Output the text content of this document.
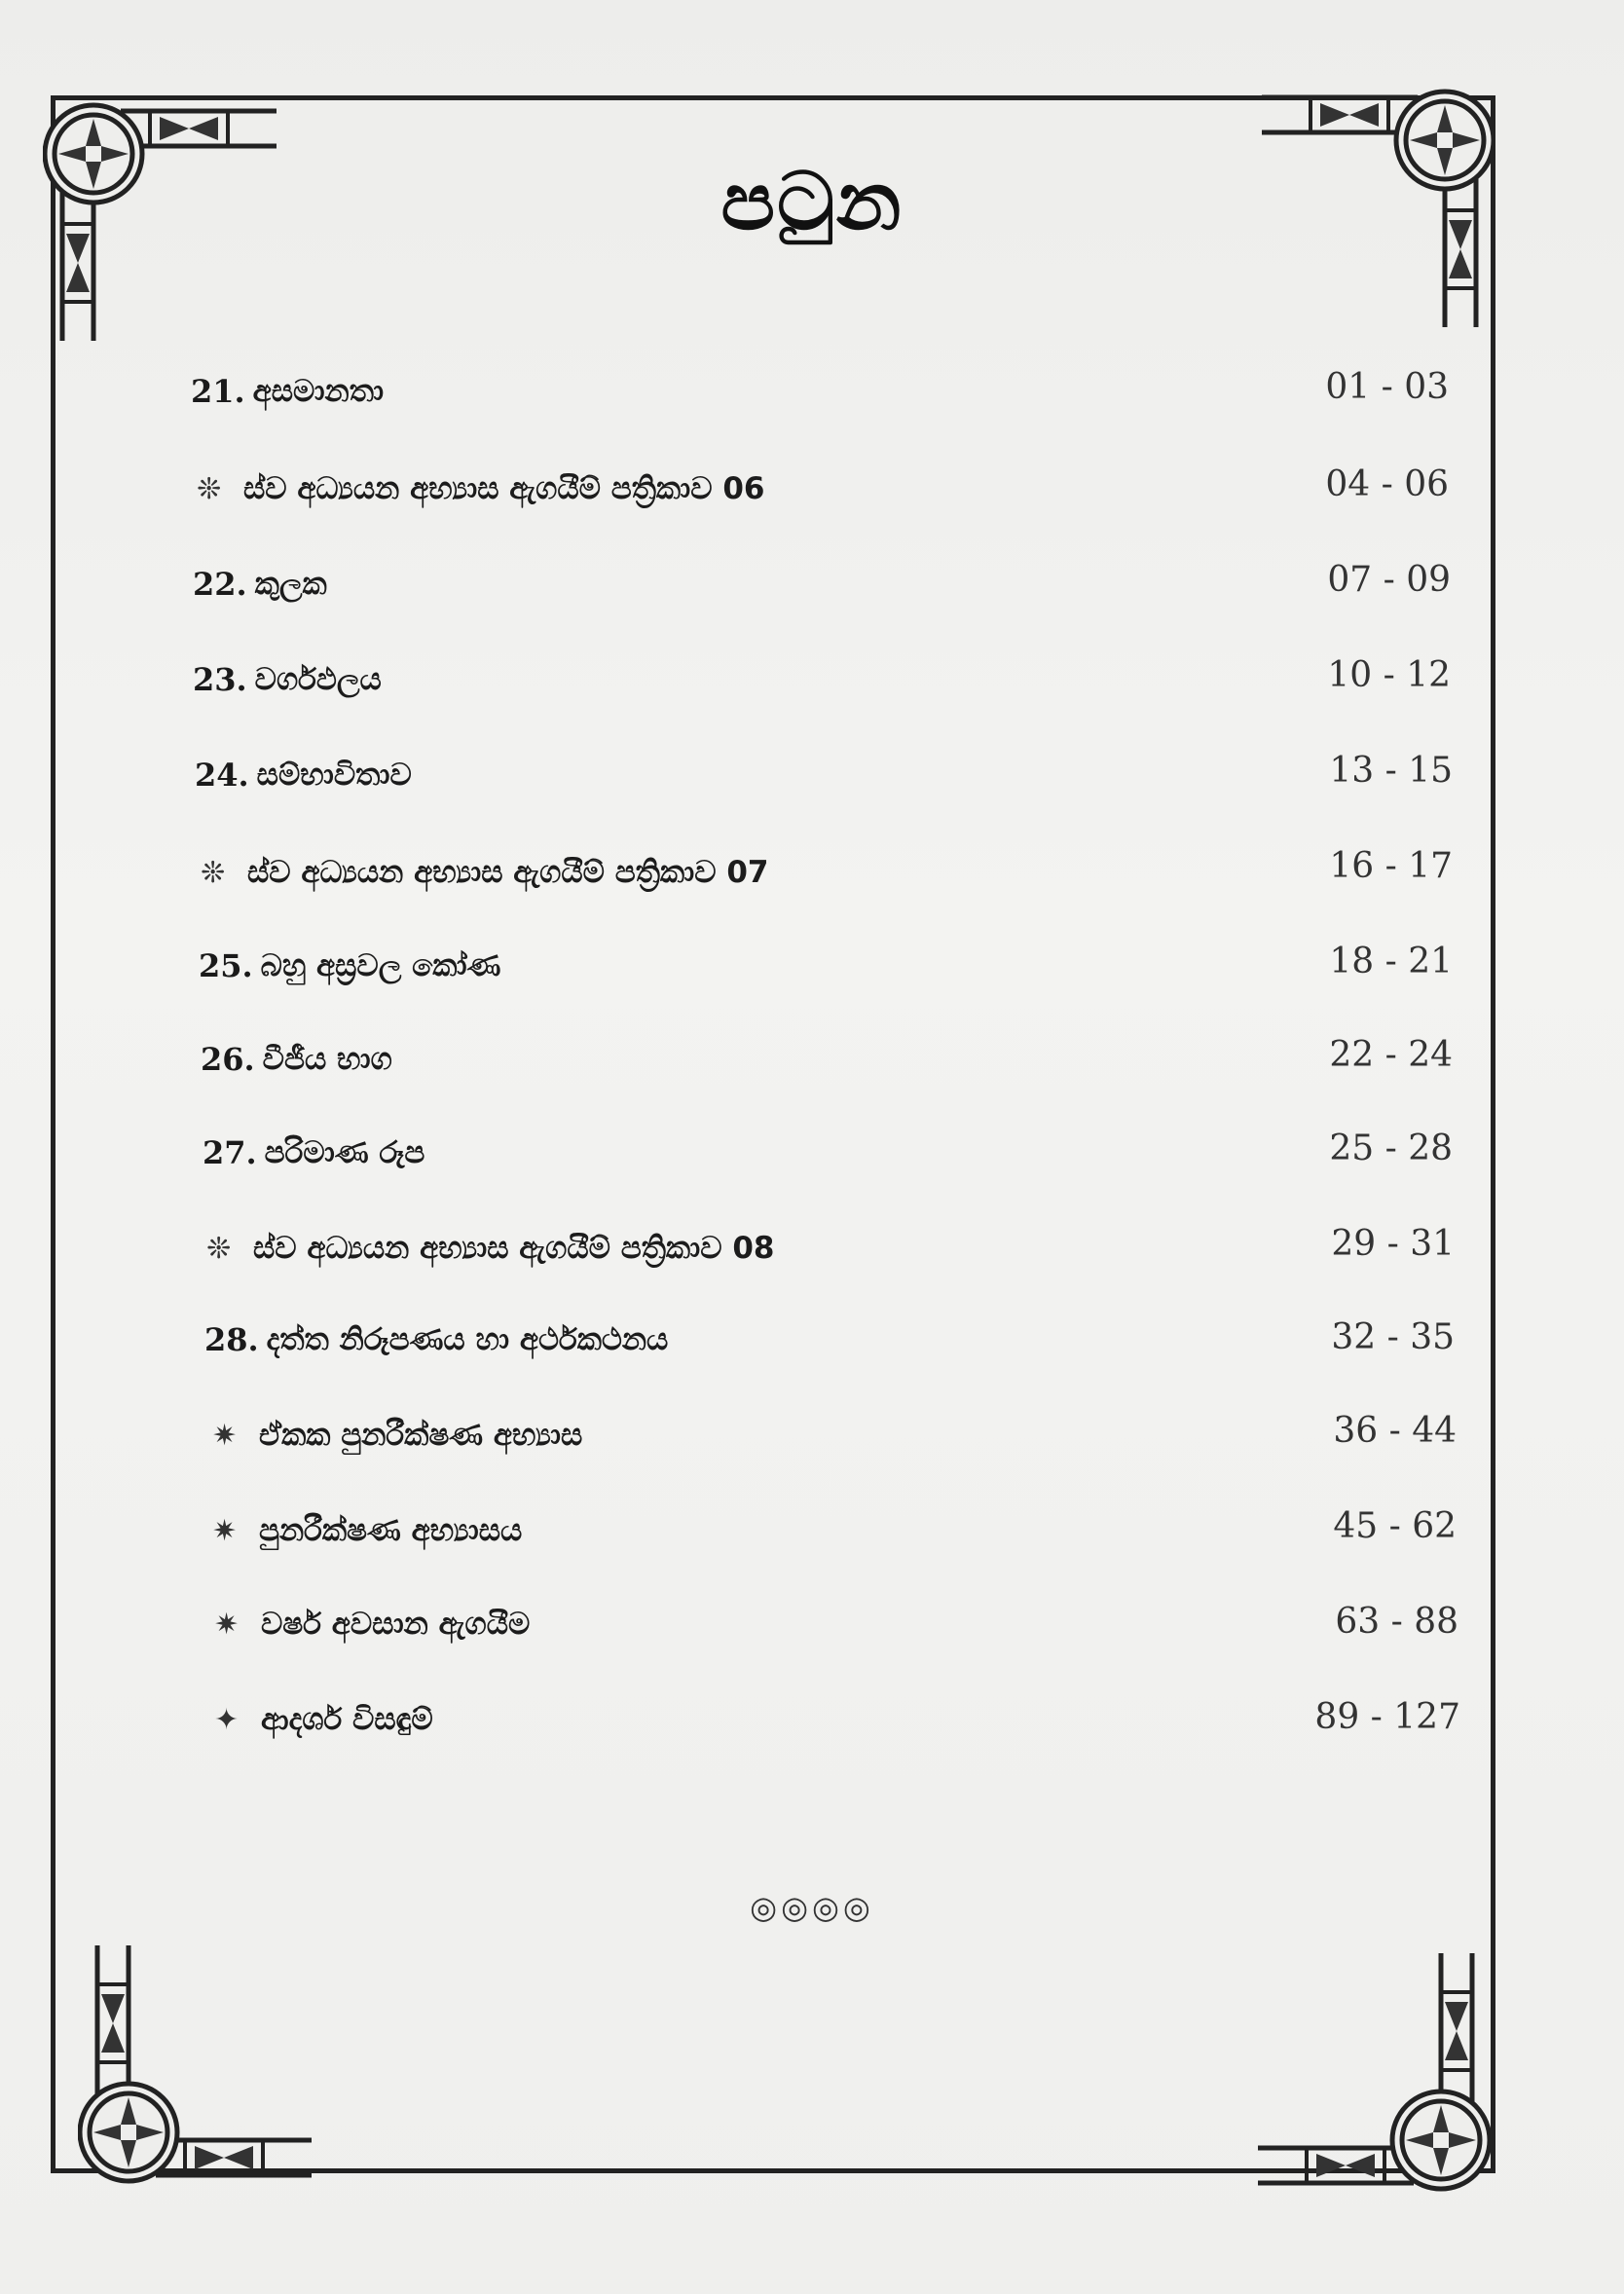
පටුන
21. අසමානතා	01 - 03
❊ ස්ව අධ්‍යයන අභ්‍යාස ඇගයීම් පත්‍රිකාව 06	04 - 06
22. කුලක	07 - 09
23. වර්ගඵලය	10 - 12
24. සම්භාවිතාව	13 - 15
❊ ස්ව අධ්‍යයන අභ්‍යාස ඇගයීම් පත්‍රිකාව 07	16 - 17
25. බහු අස්‍රවල කෝණ	18 - 21
26. වීජීය භාග	22 - 24
27. පරිමාණ රූප	25 - 28
❊ ස්ව අධ්‍යයන අභ්‍යාස ඇගයීම් පත්‍රිකාව 08	29 - 31
28. දත්ත නිරූපණය හා අර්ථකථනය	32 - 35
✷ ඒකක පුනරීක්ෂණ අභ්‍යාස	36 - 44
✷ පුනරීක්ෂණ අභ්‍යාසය	45 - 62
✷ වර්ෂ අවසාන ඇගයීම	63 - 88
✦ ආදර්ශ විසඳුම්	89 - 127
◎◎◎◎
